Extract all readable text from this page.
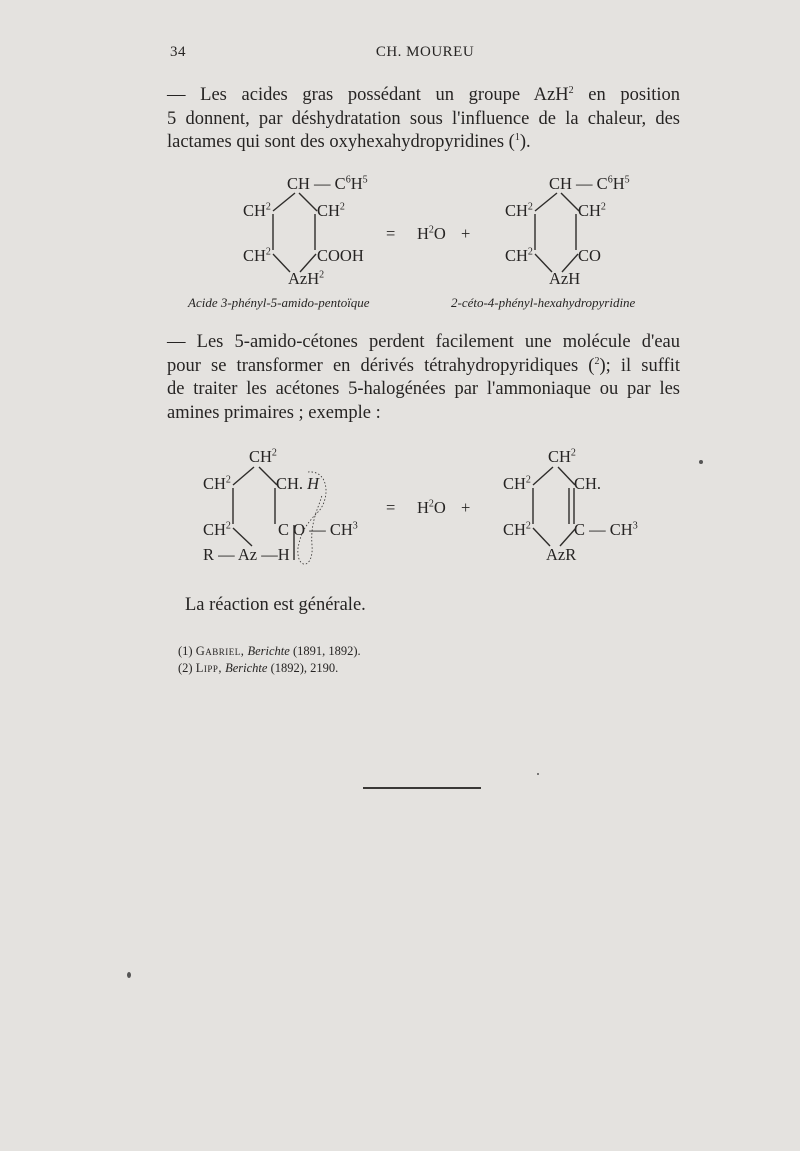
34	CH. MOUREU
— Les acides gras possédant un groupe AzH$^2$ en position
5 donnent, par déshydratation sous l'influence de la chaleur, des
lactames qui sont des oxyhexahydropyridines ($^1$).
CH — $C^6H^5$
$CH^2$	$CH^2$
$CH^2$	COOH
AzH$^2$
= $H^2O$ +
CH — $C^6H^5$
$CH^2$	$CH^2$
$CH^2$	CO
AzH
Acide 3-phényl-5-amido-pentoïque	2-céto-4-phényl-hexahydropyridine
— Les 5-amido-cétones perdent facilement une molécule d'eau
pour se transformer en dérivés tétrahydropyridiques ($^2$); il suffit
de traiter les acétones 5-halogénées par l'ammoniaque ou par les
amines primaires ; exemple :
$CH^2$
$CH^2$	CH. H
$CH^2$	C O — $CH^3$
R — Az —H
= $H^2O$ +
$CH^2$
$CH^2$	CH.
$CH^2$	C — $CH^3$
AzR
La réaction est générale.
(1) Gabriel, Berichte (1891, 1892).
(2) Lipp, Berichte (1892), 2190.
